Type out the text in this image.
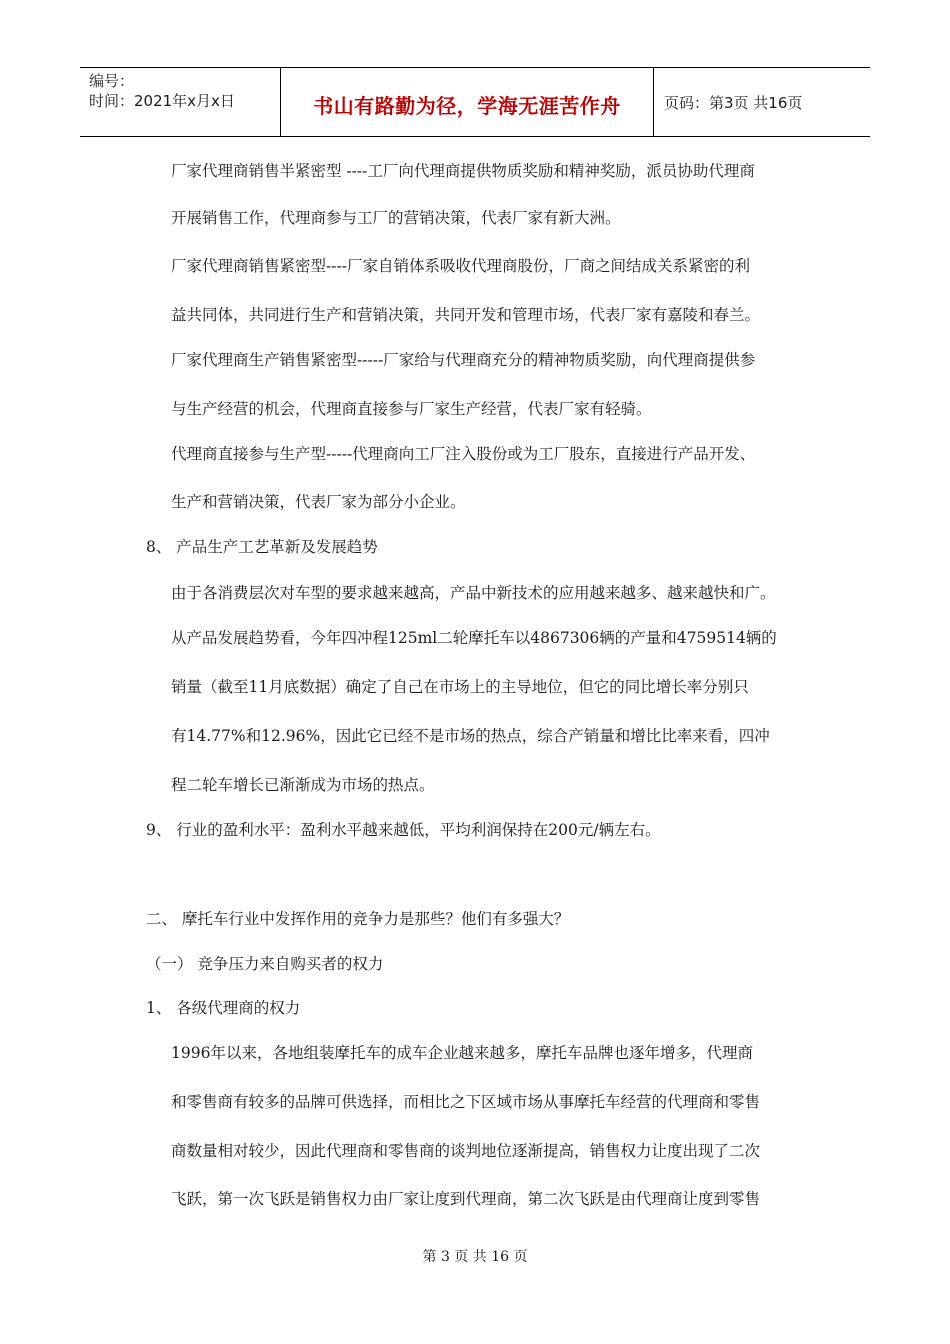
编号：
时间：2021年x月x日	书山有路勤为径，学海无涯苦作舟	页码：第3页 共16页
厂家代理商销售半紧密型 ----工厂向代理商提供物质奖励和精神奖励，派员协助代理商
开展销售工作，代理商参与工厂的营销决策，代表厂家有新大洲。
厂家代理商销售紧密型----厂家自销体系吸收代理商股份，厂商之间结成关系紧密的利
益共同体，共同进行生产和营销决策，共同开发和管理市场，代表厂家有嘉陵和春兰。
厂家代理商生产销售紧密型-----厂家给与代理商充分的精神物质奖励，向代理商提供参
与生产经营的机会，代理商直接参与厂家生产经营，代表厂家有轻骑。
代理商直接参与生产型-----代理商向工厂注入股份或为工厂股东，直接进行产品开发、
生产和营销决策，代表厂家为部分小企业。
8、 产品生产工艺革新及发展趋势
由于各消费层次对车型的要求越来越高，产品中新技术的应用越来越多、越来越快和广。
从产品发展趋势看，今年四冲程125ml二轮摩托车以4867306辆的产量和4759514辆的
销量（截至11月底数据）确定了自己在市场上的主导地位，但它的同比增长率分别只
有14.77%和12.96%，因此它已经不是市场的热点，综合产销量和增比比率来看，四冲
程二轮车增长已渐渐成为市场的热点。
9、 行业的盈利水平：盈利水平越来越低，平均利润保持在200元/辆左右。
二、 摩托车行业中发挥作用的竞争力是那些？他们有多强大？
（一） 竞争压力来自购买者的权力
1、 各级代理商的权力
1996年以来，各地组装摩托车的成车企业越来越多，摩托车品牌也逐年增多，代理商
和零售商有较多的品牌可供选择，而相比之下区域市场从事摩托车经营的代理商和零售
商数量相对较少，因此代理商和零售商的谈判地位逐渐提高，销售权力让度出现了二次
飞跃，第一次飞跃是销售权力由厂家让度到代理商，第二次飞跃是由代理商让度到零售
第 3 页 共 16 页
